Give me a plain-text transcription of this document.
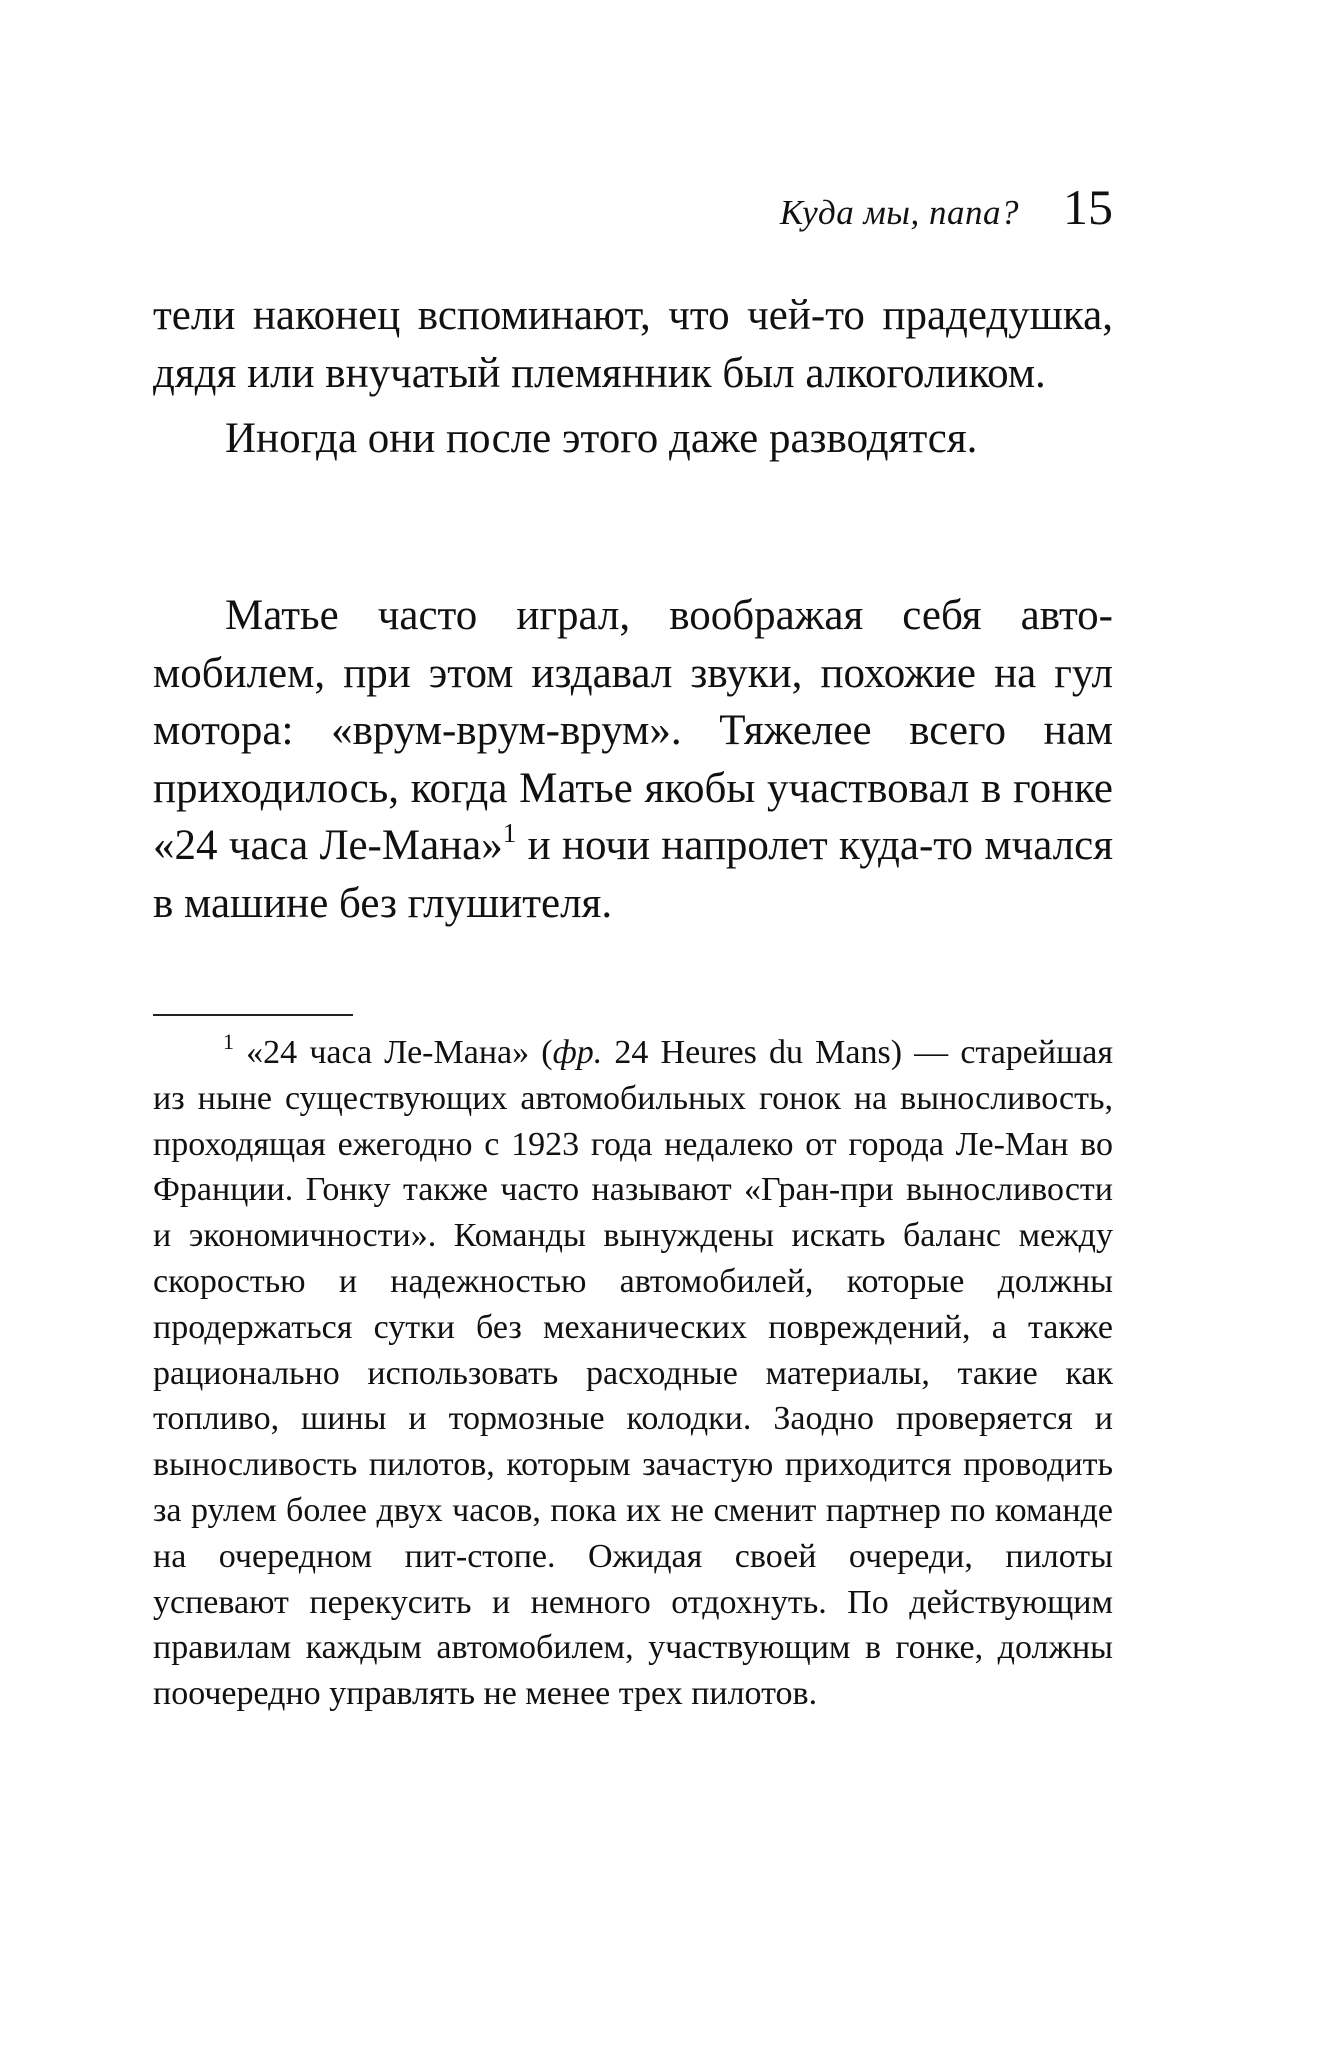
Куда мы, папа? 15

тели наконец вспоминают, что чей-то прадедушка, дядя или внучатый племянник был алкоголиком.

Иногда они после этого даже разводятся.

Матье часто играл, воображая себя автомобилем, при этом издавал звуки, похожие на гул мотора: «врум-врум-врум». Тяжелее всего нам приходилось, когда Матье якобы участвовал в гонке «24 часа Ле-Мана»$^1$ и ночи напролет куда-то мчался в машине без глушителя.

$^1$ «24 часа Ле-Мана» (фр. 24 Heures du Mans) — старейшая из ныне существующих автомобильных гонок на выносливость, проходящая ежегодно с 1923 года недалеко от города Ле-Ман во Франции. Гонку также часто называют «Гран-при выносливости и экономичности». Команды вынуждены искать баланс между скоростью и надежностью автомобилей, которые должны продержаться сутки без механических повреждений, а также рационально использовать расходные материалы, такие как топливо, шины и тормозные колодки. Заодно проверяется и выносливость пилотов, которым зачастую приходится проводить за рулем более двух часов, пока их не сменит партнер по команде на очередном пит-стопе. Ожидая своей очереди, пилоты успевают перекусить и немного отдохнуть. По действующим правилам каждым автомобилем, участвующим в гонке, должны поочередно управлять не менее трех пилотов.
